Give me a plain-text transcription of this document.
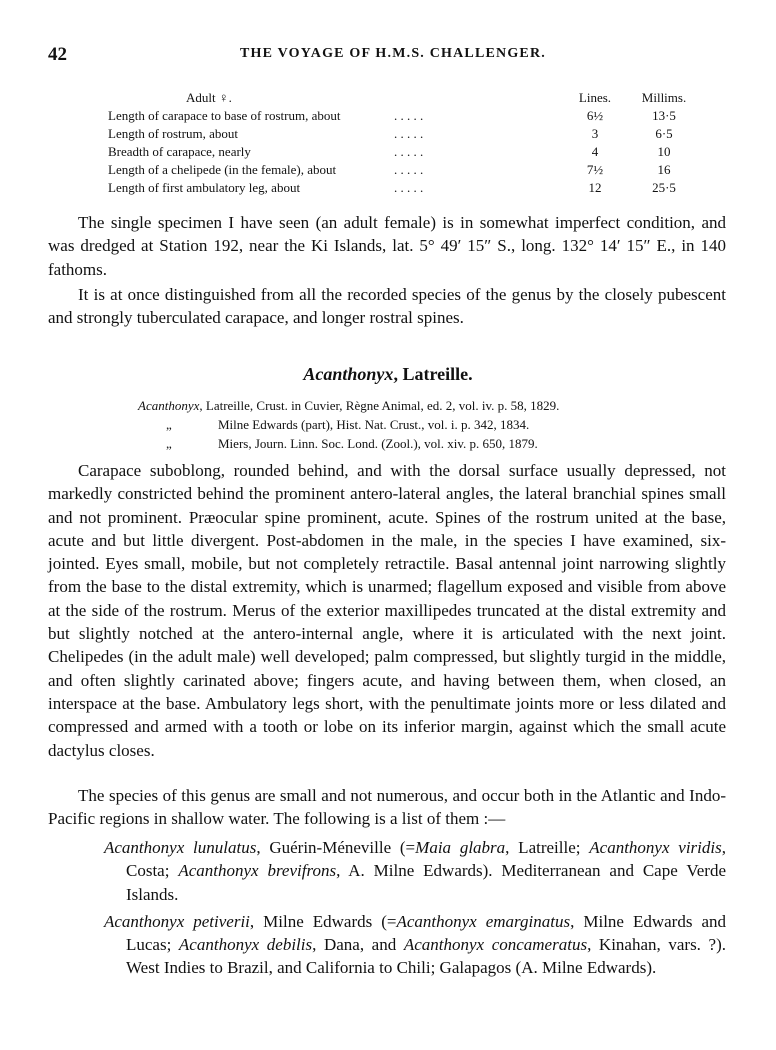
42	THE VOYAGE OF H.M.S. CHALLENGER.
Adult ♀.	Lines.	Millims.
Length of carapace to base of rostrum, about	. . . . .	6½	13·5
Length of rostrum, about	. . . . .	3	6·5
Breadth of carapace, nearly	. . . . .	4	10
Length of a chelipede (in the female), about	. . . . .	7½	16
Length of first ambulatory leg, about	. . . . .	12	25·5

The single specimen I have seen (an adult female) is in somewhat imperfect condition, and was dredged at Station 192, near the Ki Islands, lat. 5° 49′ 15″ S., long. 132° 14′ 15″ E., in 140 fathoms.

It is at once distinguished from all the recorded species of the genus by the closely pubescent and strongly tuberculated carapace, and longer rostral spines.

Acanthonyx, Latreille.
Acanthonyx, Latreille, Crust. in Cuvier, Règne Animal, ed. 2, vol. iv. p. 58, 1829.
„	Milne Edwards (part), Hist. Nat. Crust., vol. i. p. 342, 1834.
„	Miers, Journ. Linn. Soc. Lond. (Zool.), vol. xiv. p. 650, 1879.

Carapace suboblong, rounded behind, and with the dorsal surface usually depressed, not markedly constricted behind the prominent antero-lateral angles, the lateral branchial spines small and not prominent. Præocular spine prominent, acute. Spines of the rostrum united at the base, acute and but little divergent. Post-abdomen in the male, in the species I have examined, six-jointed. Eyes small, mobile, but not completely retractile. Basal antennal joint narrowing slightly from the base to the distal extremity, which is unarmed; flagellum exposed and visible from above at the side of the rostrum. Merus of the exterior maxillipedes truncated at the distal extremity and but slightly notched at the antero-internal angle, where it is articulated with the next joint. Chelipedes (in the adult male) well developed; palm compressed, but slightly turgid in the middle, and often slightly carinated above; fingers acute, and having between them, when closed, an interspace at the base. Ambulatory legs short, with the penultimate joints more or less dilated and compressed and armed with a tooth or lobe on its inferior margin, against which the small acute dactylus closes.

The species of this genus are small and not numerous, and occur both in the Atlantic and Indo-Pacific regions in shallow water. The following is a list of them :—

Acanthonyx lunulatus, Guérin-Méneville (=Maia glabra, Latreille; Acanthonyx viridis, Costa; Acanthonyx brevifrons, A. Milne Edwards). Mediterranean and Cape Verde Islands.

Acanthonyx petiverii, Milne Edwards (=Acanthonyx emarginatus, Milne Edwards and Lucas; Acanthonyx debilis, Dana, and Acanthonyx concameratus, Kinahan, vars. ?). West Indies to Brazil, and California to Chili; Galapagos (A. Milne Edwards).
